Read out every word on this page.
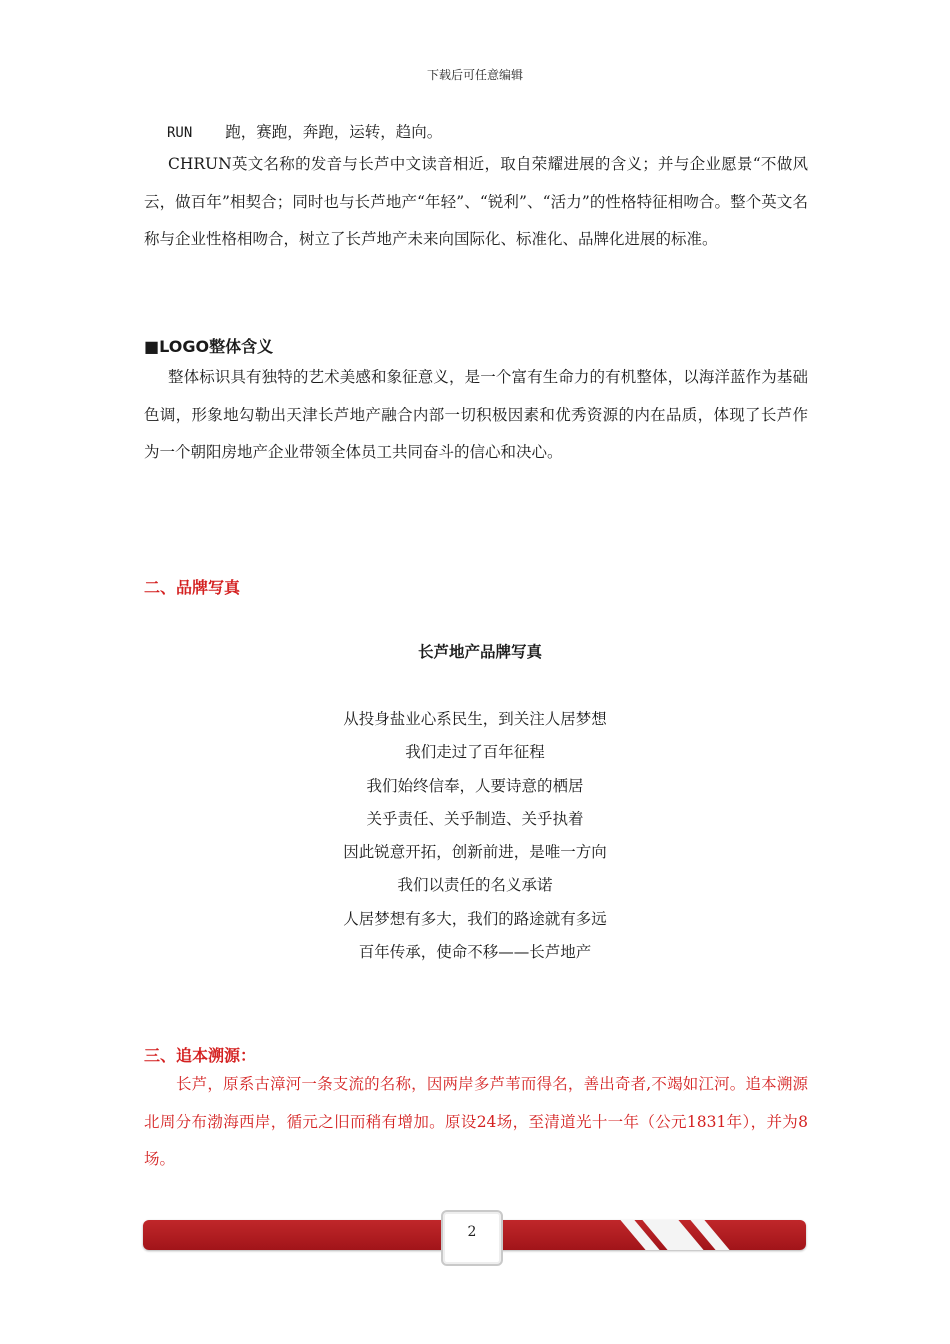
下载后可任意编辑
RUN 跑，赛跑，奔跑，运转，趋向。
CHRUN英文名称的发音与长芦中文读音相近，取自荣耀进展的含义；并与企业愿景“不做风云，做百年”相契合；同时也与长芦地产“年轻”、“锐利”、“活力”的性格特征相吻合。整个英文名称与企业性格相吻合，树立了长芦地产未来向国际化、标准化、品牌化进展的标准。
■LOGO整体含义
整体标识具有独特的艺术美感和象征意义，是一个富有生命力的有机整体，以海洋蓝作为基础色调，形象地勾勒出天津长芦地产融合内部一切积极因素和优秀资源的内在品质，体现了长芦作为一个朝阳房地产企业带领全体员工共同奋斗的信心和决心。
二、品牌写真
长芦地产品牌写真
从投身盐业心系民生，到关注人居梦想
我们走过了百年征程
我们始终信奉，人要诗意的栖居
关乎责任、关乎制造、关乎执着
因此锐意开拓，创新前进，是唯一方向
我们以责任的名义承诺
人居梦想有多大，我们的路途就有多远
百年传承，使命不移——长芦地产
三、追本溯源：
长芦，原系古漳河一条支流的名称，因两岸多芦苇而得名，善出奇者,不竭如江河。追本溯源北周分布渤海西岸，循元之旧而稍有增加。原设24场，至清道光十一年（公元1831年），并为8场。
2
